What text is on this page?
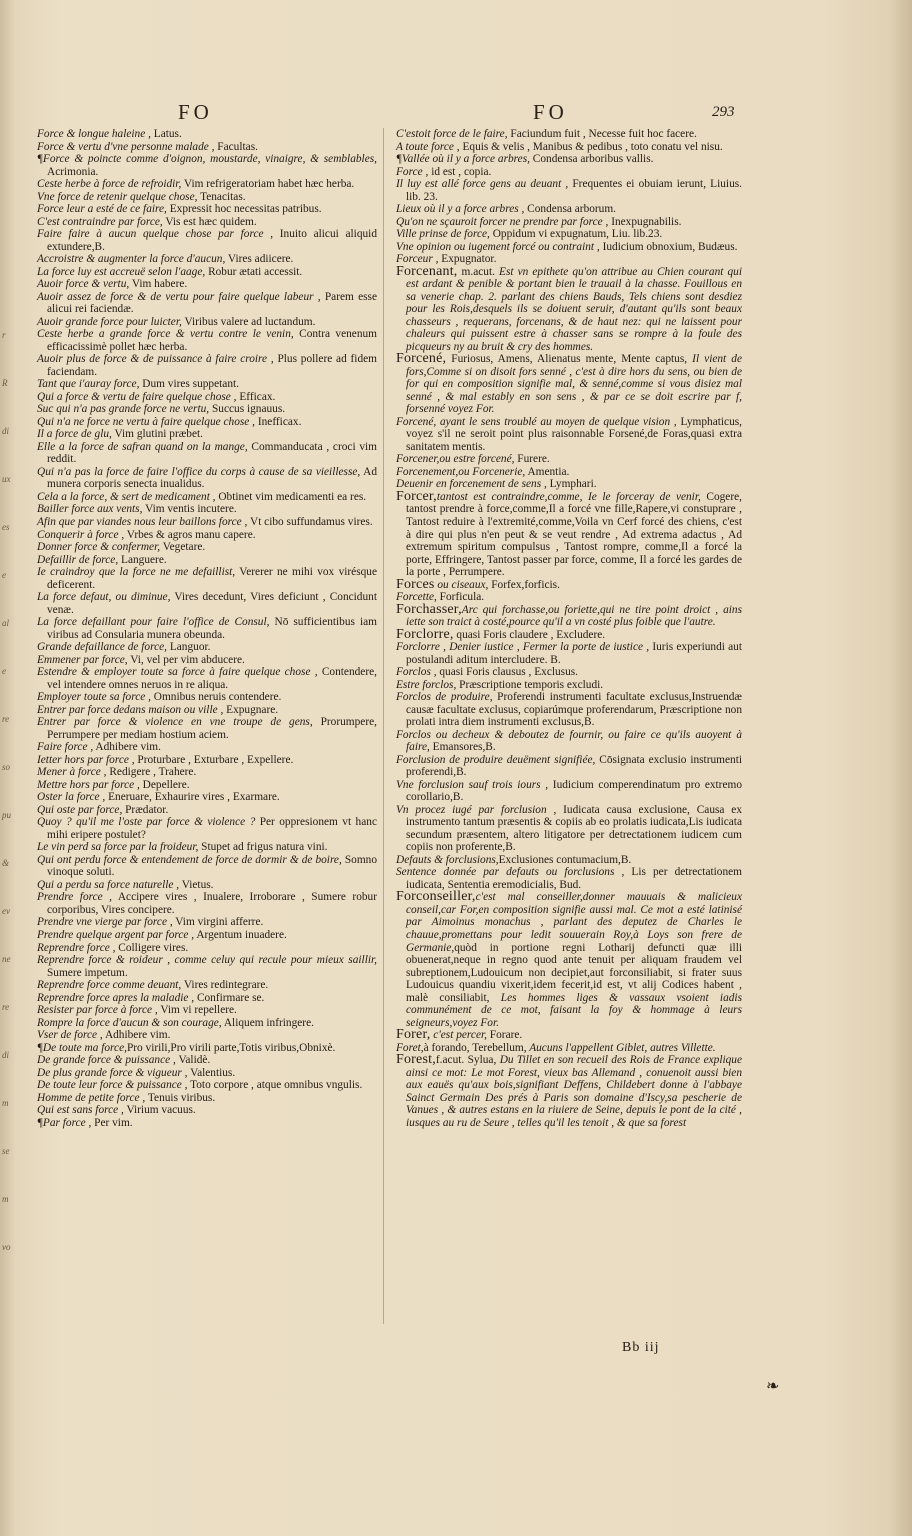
r
R
di
ux
es
e
al
e
re
so
pu
&
ev
ne
re
di
m
se
m
vo
FO	FO	293

Force & longue haleine , Latus.

Force & vertu d'vne personne malade , Facultas.

¶Force & poincte comme d'oignon, moustarde, vinaigre, & semblables, Acrimonia.

Ceste herbe à force de refroidir, Vim refrigeratoriam habet hæc herba.

Vne force de retenir quelque chose, Tenacitas.

Force leur a esté de ce faire, Expressit hoc necessitas patribus.

C'est contraindre par force, Vis est hæc quidem.

Faire faire à aucun quelque chose par force , Inuito alicui aliquid extundere,B.

Accroistre & augmenter la force d'aucun, Vires adiicere.

La force luy est accreuë selon l'aage, Robur ætati accessit.

Auoir force & vertu, Vim habere.

Auoir assez de force & de vertu pour faire quelque labeur , Parem esse alicui rei faciendæ.

Auoir grande force pour luicter, Viribus valere ad luctandum.

Ceste herbe a grande force & vertu contre le venin, Contra venenum efficacissimè pollet hæc herba.

Auoir plus de force & de puissance à faire croire , Plus pollere ad fidem faciendam.

Tant que i'auray force, Dum vires suppetant.

Qui a force & vertu de faire quelque chose , Efficax.

Suc qui n'a pas grande force ne vertu, Succus ignauus.

Qui n'a ne force ne vertu à faire quelque chose , Inefficax.

Il a force de glu, Vim glutini præbet.

Elle a la force de safran quand on la mange, Commanducata , croci vim reddit.

Qui n'a pas la force de faire l'office du corps à cause de sa vieillesse, Ad munera corporis senecta inualidus.

Cela a la force, & sert de medicament , Obtinet vim medicamenti ea res.

Bailler force aux vents, Vim ventis incutere.

Afin que par viandes nous leur baillons force , Vt cibo suffundamus vires.

Conquerir à force , Vrbes & agros manu capere.

Donner force & confermer, Vegetare.

Defaillir de force, Languere.

Ie craindroy que la force ne me defaillist, Vererer ne mihi vox virésque deficerent.

La force defaut, ou diminue, Vires decedunt, Vires deficiunt , Concidunt venæ.

La force defaillant pour faire l'office de Consul, Nō sufficientibus iam viribus ad Consularia munera obeunda.

Grande defaillance de force, Languor.

Emmener par force, Vi, vel per vim abducere.

Estendre & employer toute sa force à faire quelque chose , Contendere, vel intendere omnes neruos in re aliqua.

Employer toute sa force , Omnibus neruis contendere.

Entrer par force dedans maison ou ville , Expugnare.

Entrer par force & violence en vne troupe de gens, Prorumpere, Perrumpere per mediam hostium aciem.

Faire force , Adhibere vim.

Ietter hors par force , Proturbare , Exturbare , Expellere.

Mener à force , Redigere , Trahere.

Mettre hors par force , Depellere.

Oster la force , Eneruare, Exhaurire vires , Exarmare.

Qui oste par force, Prædator.

Quoy ? qu'il me l'oste par force & violence ? Per oppresionem vt hanc mihi eripere postulet?

Le vin perd sa force par la froideur, Stupet ad frigus natura vini.

Qui ont perdu force & entendement de force de dormir & de boire, Somno vinoque soluti.

Qui a perdu sa force naturelle , Vietus.

Prendre force , Accipere vires , Inualere, Irroborare , Sumere robur corporibus, Vires concipere.

Prendre vne vierge par force , Vim virgini afferre.

Prendre quelque argent par force , Argentum inuadere.

Reprendre force , Colligere vires.

Reprendre force & roideur , comme celuy qui recule pour mieux saillir, Sumere impetum.

Reprendre force comme deuant, Vires redintegrare.

Reprendre force apres la maladie , Confirmare se.

Resister par force à force , Vim vi repellere.

Rompre la force d'aucun & son courage, Aliquem infringere.

Vser de force , Adhibere vim.

¶De toute ma force,Pro virili,Pro virili parte,Totis viribus,Obnixè.

De grande force & puissance , Validè.

De plus grande force & vigueur , Valentius.

De toute leur force & puissance , Toto corpore , atque omnibus vngulis.

Homme de petite force , Tenuis viribus.

Qui est sans force , Virium vacuus.

¶Par force , Per vim.

C'estoit force de le faire, Faciundum fuit , Necesse fuit hoc facere.

A toute force , Equis & velis , Manibus & pedibus , toto conatu vel nisu.

¶Vallée où il y a force arbres, Condensa arboribus vallis.

Force , id est , copia.

Il luy est allé force gens au deuant , Frequentes ei obuiam ierunt, Liuius. lib. 23.

Lieux où il y a force arbres , Condensa arborum.

Qu'on ne sçauroit forcer ne prendre par force , Inexpugnabilis.

Ville prinse de force, Oppidum vi expugnatum, Liu. lib.23.

Vne opinion ou iugement forcé ou contraint , Iudicium obnoxium, Budæus.

Forceur , Expugnator.

Forcenant, m.acut. Est vn epithete qu'on attribue au Chien courant qui est ardant & penible & portant bien le trauail à la chasse. Fouillous en sa venerie chap. 2. parlant des chiens Bauds, Tels chiens sont desdiez pour les Rois,desquels ils se doiuent seruir, d'autant qu'ils sont beaux chasseurs , requerans, forcenans, & de haut nez: qui ne laissent pour chaleurs qui puissent estre à chasser sans se rompre à la foule des picqueurs ny au bruit & cry des hommes.

Forcené, Furiosus, Amens, Alienatus mente, Mente captus, Il vient de fors,Comme si on disoit fors senné , c'est à dire hors du sens, ou bien de for qui en composition signifie mal, & senné,comme si vous disiez mal senné , & mal estably en son sens , & par ce se doit escrire par f, forsenné voyez For.

Forcené, ayant le sens troublé au moyen de quelque vision , Lymphaticus, voyez s'il ne seroit point plus raisonnable Forsené,de Foras,quasi extra sanitatem mentis.

Forcener,ou estre forcené, Furere.

Forcenement,ou Forcenerie, Amentia.

Deuenir en forcenement de sens , Lymphari.

Forcer,tantost est contraindre,comme, Ie le forceray de venir, Cogere, tantost prendre à force,comme,Il a forcé vne fille,Rapere,vi constuprare , Tantost reduire à l'extremité,comme,Voila vn Cerf forcé des chiens, c'est à dire qui plus n'en peut & se veut rendre , Ad extrema adactus , Ad extremum spiritum compulsus , Tantost rompre, comme,Il a forcé la porte, Effringere, Tantost passer par force, comme, Il a forcé les gardes de la porte , Perrumpere.

Forces ou ciseaux, Forfex,forficis.

Forcette, Forficula.

Forchasser,Arc qui forchasse,ou foriette,qui ne tire point droict , ains iette son traict à costé,pource qu'il a vn costé plus foible que l'autre.

Forclorre, quasi Foris claudere , Excludere.

Forclorre , Denier iustice , Fermer la porte de iustice , Iuris experiundi aut postulandi aditum intercludere. B.

Forclos , quasi Foris clausus , Exclusus.

Estre forclos, Præscriptione temporis excludi.

Forclos de produire, Proferendi instrumenti facultate exclusus,Instruendæ causæ facultate exclusus, copiarúmque proferendarum, Præscriptione non prolati intra diem instrumenti exclusus,B.

Forclos ou decheux & deboutez de fournir, ou faire ce qu'ils auoyent à faire, Emansores,B.

Forclusion de produire deuëment signifiée, Cōsignata exclusio instrumenti proferendi,B.

Vne forclusion sauf trois iours , Iudicium comperendinatum pro extremo corollario,B.

Vn procez iugé par forclusion , Iudicata causa exclusione, Causa ex instrumento tantum præsentis & copiis ab eo prolatis iudicata,Lis iudicata secundum præsentem, altero litigatore per detrectationem iudicem cum copiis non proferente,B.

Defauts & forclusions,Exclusiones contumacium,B.

Sentence donnée par defauts ou forclusions , Lis per detrectationem iudicata, Sententia eremodicialis, Bud.

Forconseiller,c'est mal conseiller,donner mauuais & malicieux conseil,car For,en composition signifie aussi mal. Ce mot a esté latinisé par Aimoinus monachus , parlant des deputez de Charles le chauue,promettans pour ledit souuerain Roy,à Loys son frere de Germanie,quòd in portione regni Lotharij defuncti quæ illi obuenerat,neque in regno quod ante tenuit per aliquam fraudem vel subreptionem,Ludouicum non decipiet,aut forconsiliabit, si frater suus Ludouicus quandiu vixerit,idem fecerit,id est, vt alij Codices habent , malè consiliabit, Les hommes liges & vassaux vsoient iadis communément de ce mot, faisant la foy & hommage à leurs seigneurs,voyez For.

Forer, c'est percer, Forare.

Foret,à forando, Terebellum, Aucuns l'appellent Giblet, autres Villette.

Forest,f.acut. Sylua, Du Tillet en son recueil des Rois de France explique ainsi ce mot: Le mot Forest, vieux bas Allemand , conuenoit aussi bien aux eauës qu'aux bois,signifiant Deffens, Childebert donne à l'abbaye Sainct Germain Des prés à Paris son domaine d'Iscy,sa pescherie de Vanues , & autres estans en la riuiere de Seine, depuis le pont de la cité , iusques au ru de Seure , telles qu'il les tenoit , & que sa forest

Bb iij
❧
